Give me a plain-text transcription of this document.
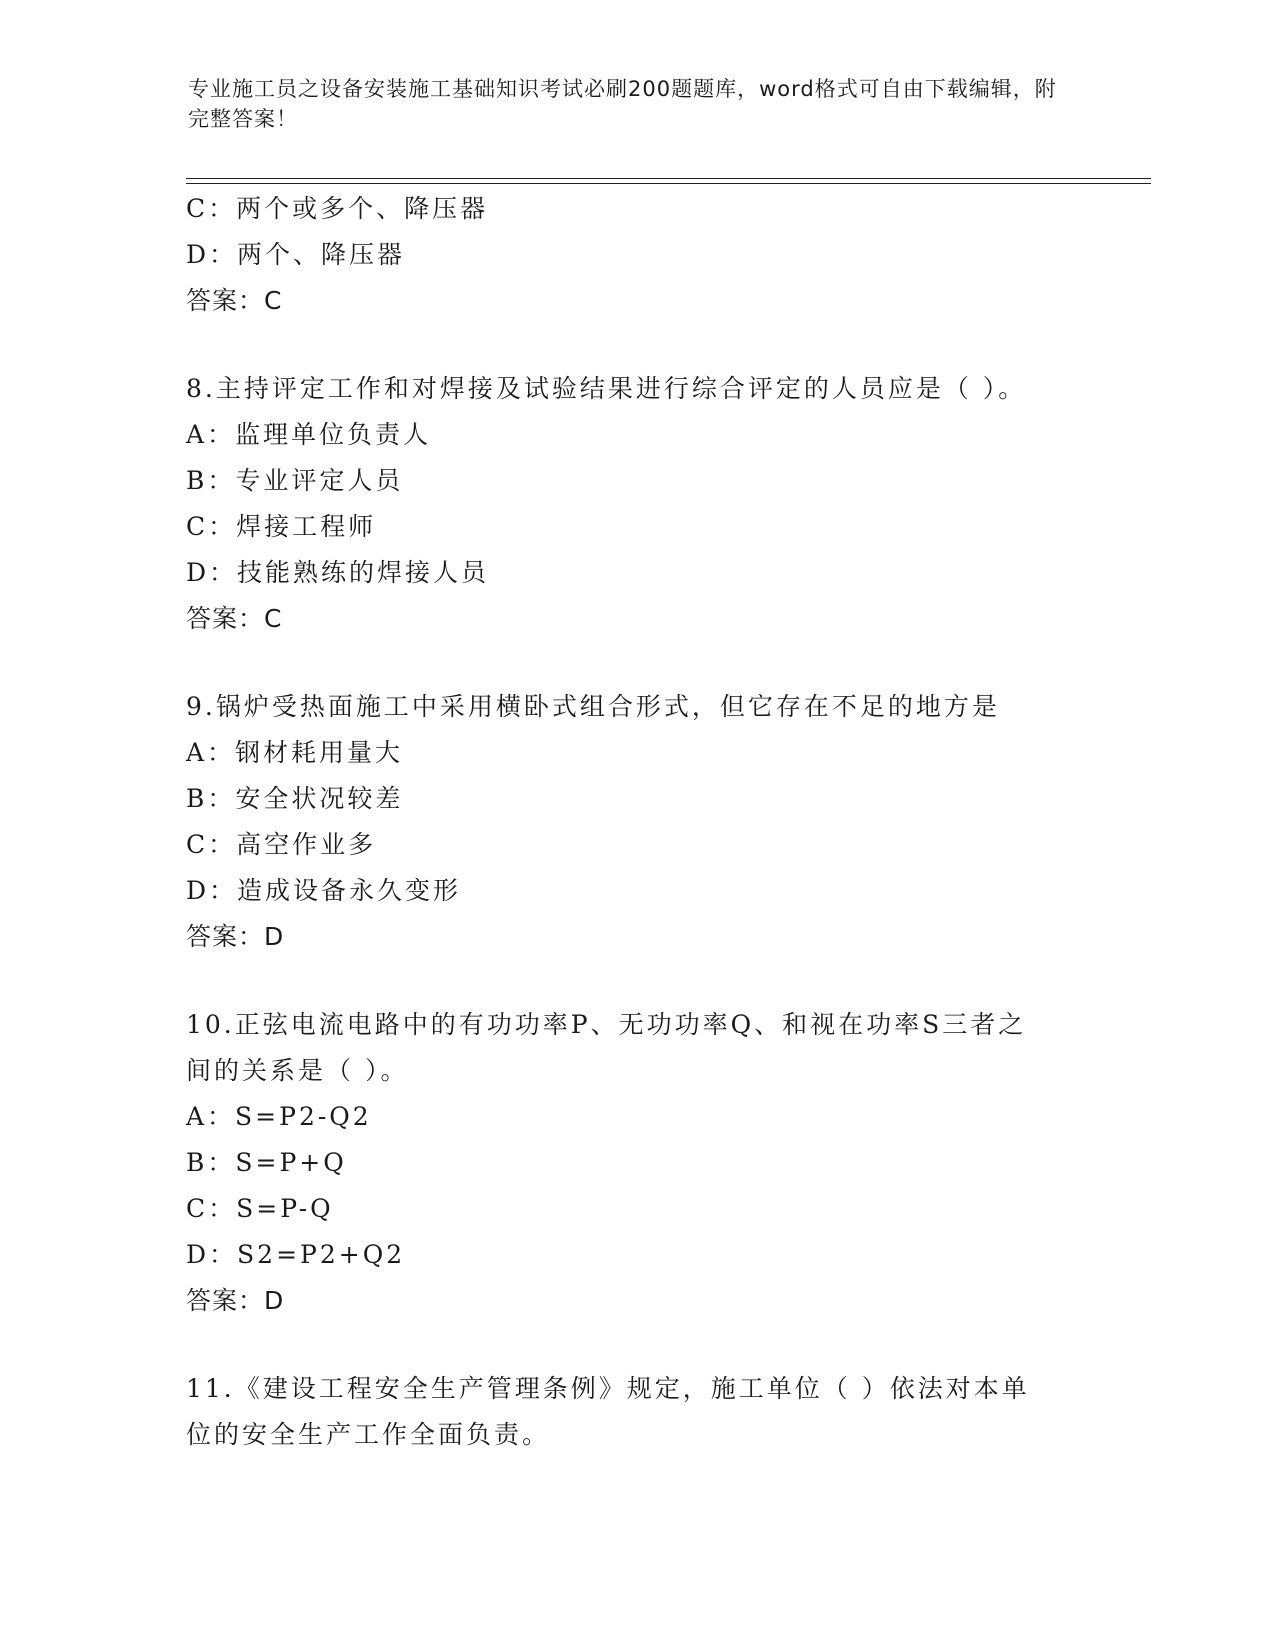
专业施工员之设备安装施工基础知识考试必刷200题题库，word格式可自由下载编辑，附完整答案！
C：两个或多个、降压器
D：两个、降压器
答案：C
8.主持评定工作和对焊接及试验结果进行综合评定的人员应是（ ）。
A：监理单位负责人
B：专业评定人员
C：焊接工程师
D：技能熟练的焊接人员
答案：C
9.锅炉受热面施工中采用横卧式组合形式，但它存在不足的地方是
A：钢材耗用量大
B：安全状况较差
C：高空作业多
D：造成设备永久变形
答案：D
10.正弦电流电路中的有功功率P、无功功率Q、和视在功率S三者之
间的关系是（ ）。
A：S=P2-Q2
B：S=P+Q
C：S=P-Q
D：S2=P2+Q2
答案：D
11.《建设工程安全生产管理条例》规定，施工单位（ ）依法对本单
位的安全生产工作全面负责。
